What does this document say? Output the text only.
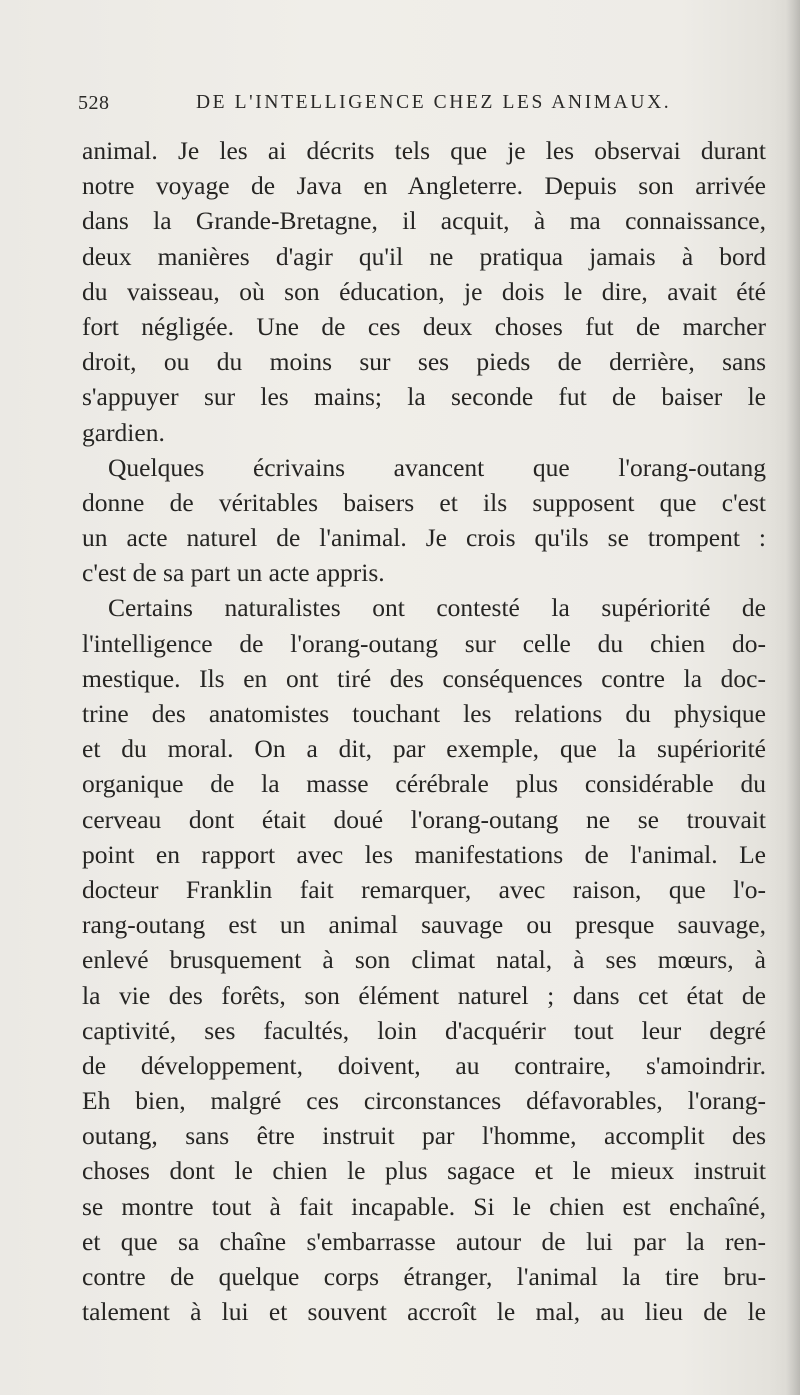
528	DE L'INTELLIGENCE CHEZ LES ANIMAUX.
animal. Je les ai décrits tels que je les observai durant
notre voyage de Java en Angleterre. Depuis son arrivée
dans la Grande-Bretagne, il acquit, à ma connaissance,
deux manières d'agir qu'il ne pratiqua jamais à bord
du vaisseau, où son éducation, je dois le dire, avait été
fort négligée. Une de ces deux choses fut de marcher
droit, ou du moins sur ses pieds de derrière, sans
s'appuyer sur les mains; la seconde fut de baiser le
gardien.
Quelques écrivains avancent que l'orang-outang
donne de véritables baisers et ils supposent que c'est
un acte naturel de l'animal. Je crois qu'ils se trompent :
c'est de sa part un acte appris.
Certains naturalistes ont contesté la supériorité de
l'intelligence de l'orang-outang sur celle du chien do-
mestique. Ils en ont tiré des conséquences contre la doc-
trine des anatomistes touchant les relations du physique
et du moral. On a dit, par exemple, que la supériorité
organique de la masse cérébrale plus considérable du
cerveau dont était doué l'orang-outang ne se trouvait
point en rapport avec les manifestations de l'animal. Le
docteur Franklin fait remarquer, avec raison, que l'o-
rang-outang est un animal sauvage ou presque sauvage,
enlevé brusquement à son climat natal, à ses mœurs, à
la vie des forêts, son élément naturel ; dans cet état de
captivité, ses facultés, loin d'acquérir tout leur degré
de développement, doivent, au contraire, s'amoindrir.
Eh bien, malgré ces circonstances défavorables, l'orang-
outang, sans être instruit par l'homme, accomplit des
choses dont le chien le plus sagace et le mieux instruit
se montre tout à fait incapable. Si le chien est enchaîné,
et que sa chaîne s'embarrasse autour de lui par la ren-
contre de quelque corps étranger, l'animal la tire bru-
talement à lui et souvent accroît le mal, au lieu de le
